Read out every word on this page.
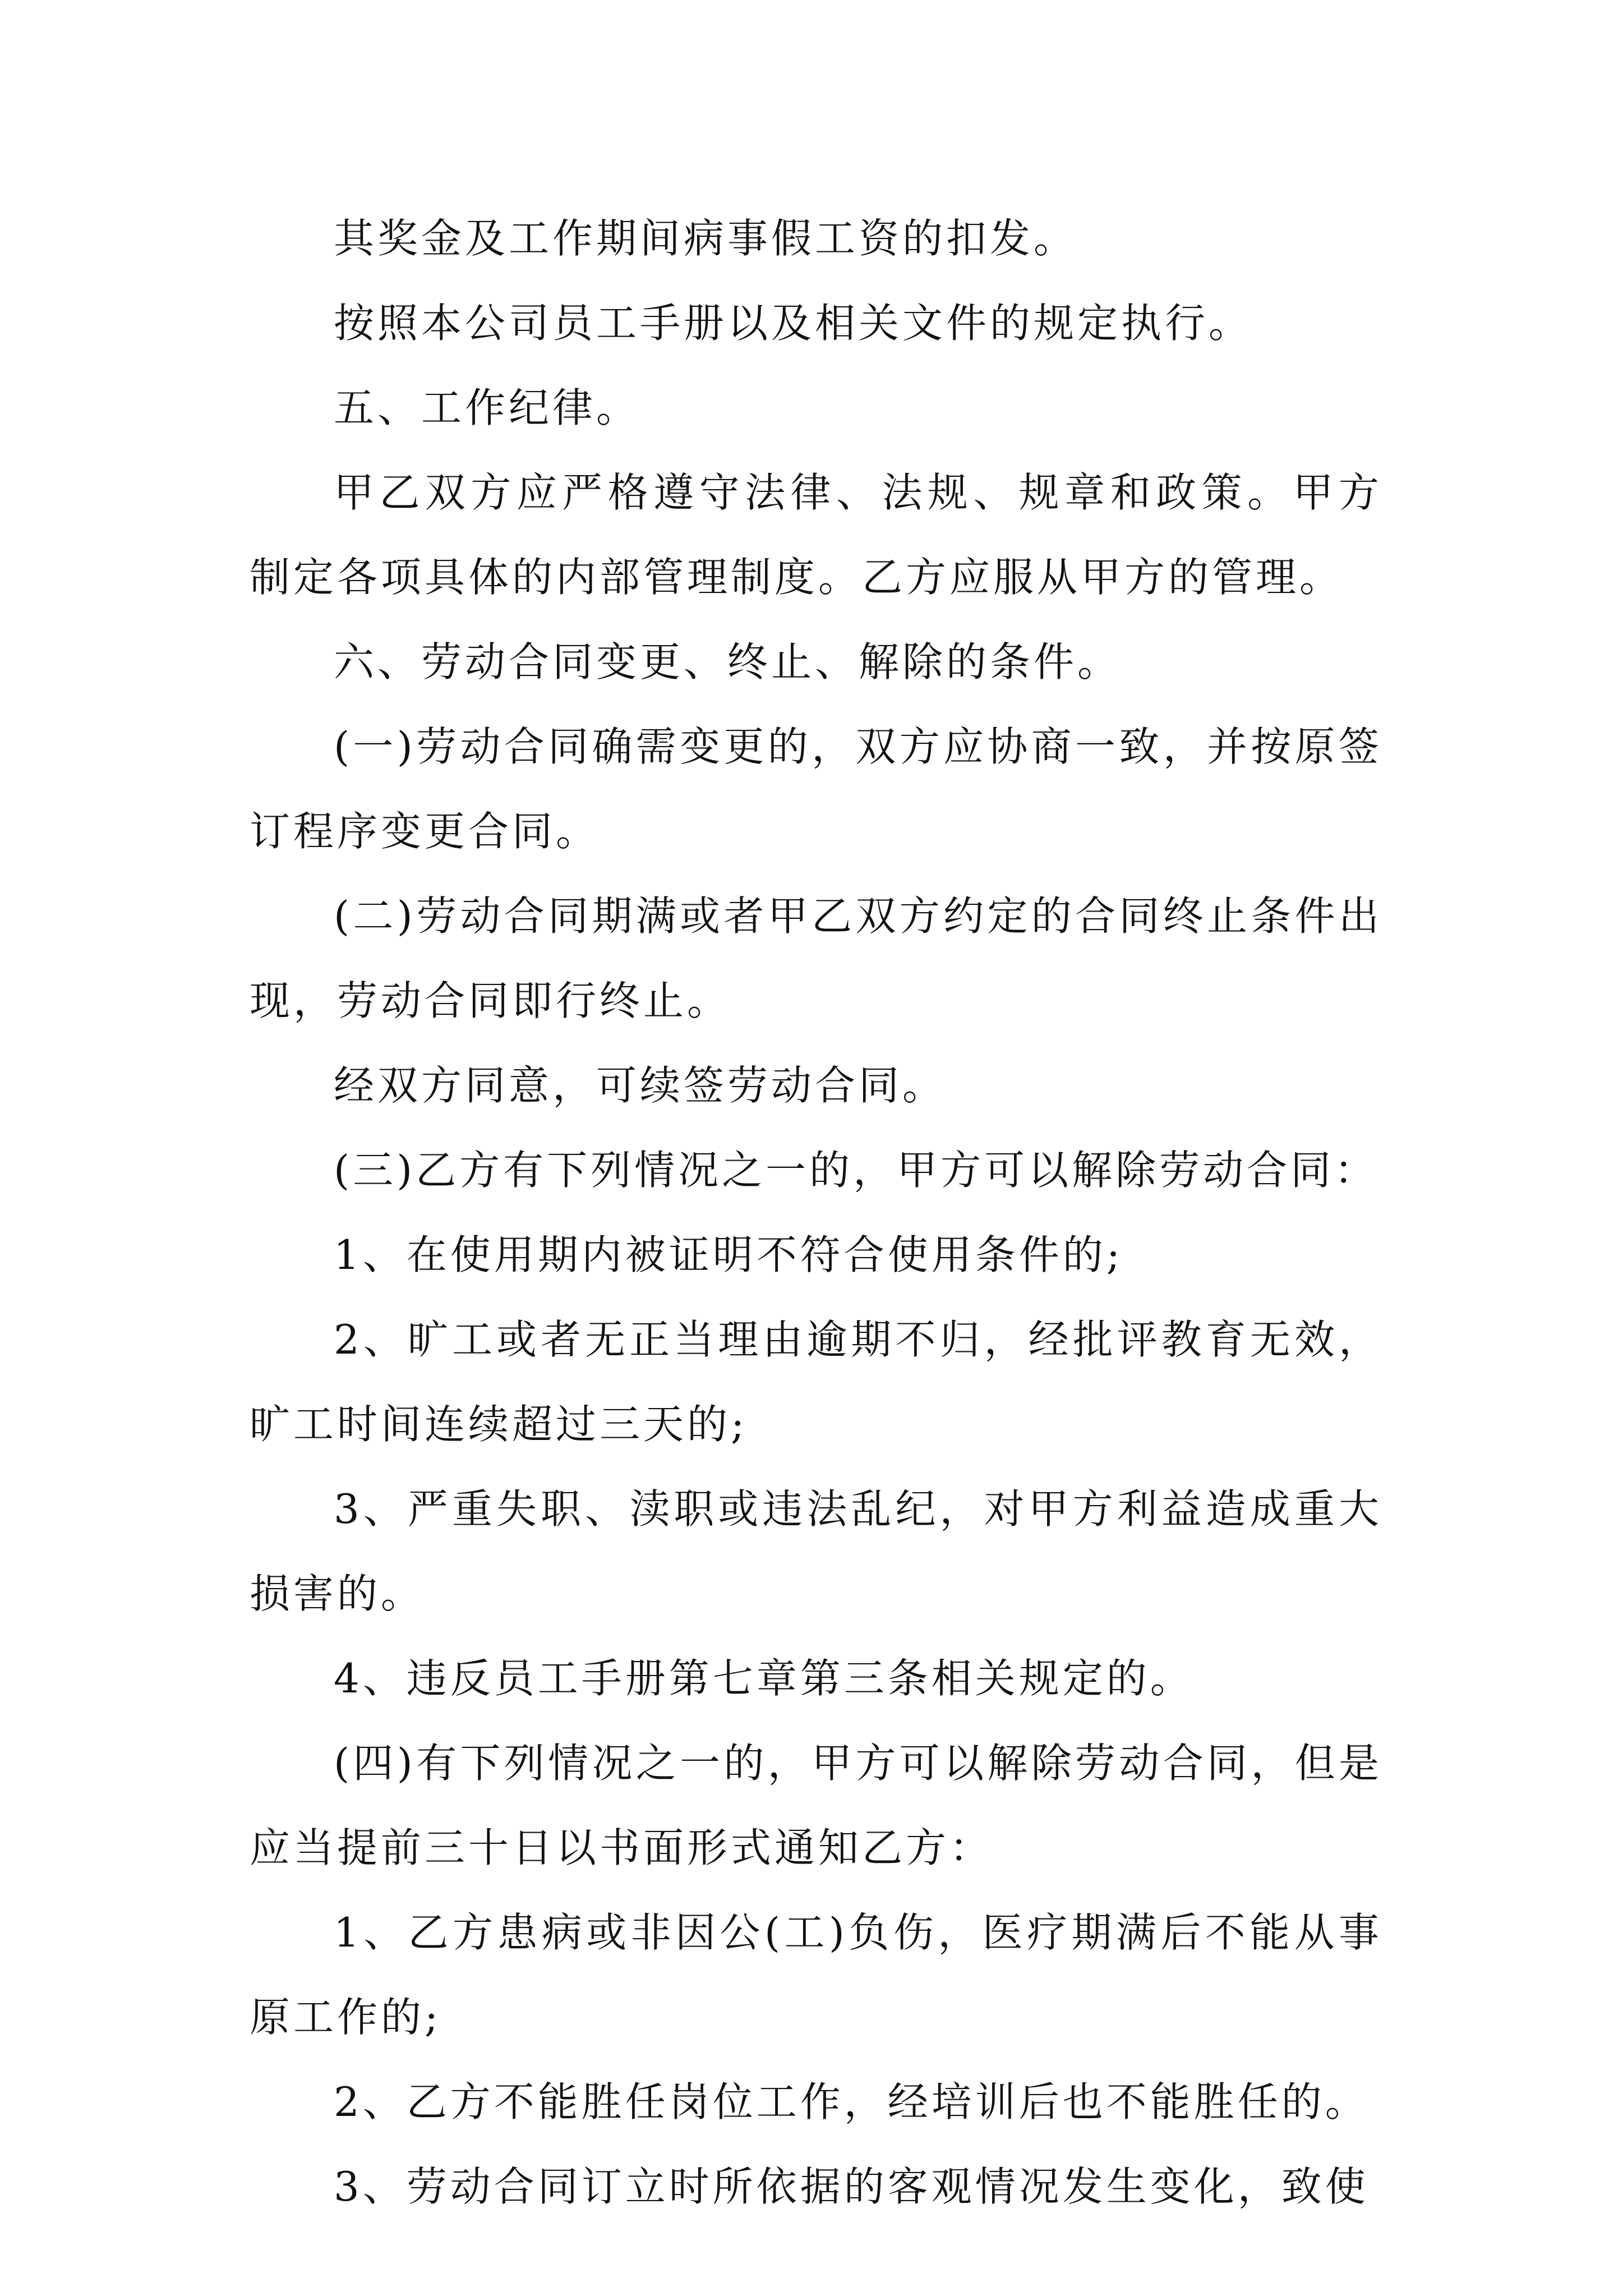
其奖金及工作期间病事假工资的扣发。

按照本公司员工手册以及相关文件的规定执行。

五、工作纪律。

甲乙双方应严格遵守法律、法规、规章和政策。甲方制定各项具体的内部管理制度。乙方应服从甲方的管理。

六、劳动合同变更、终止、解除的条件。

(一)劳动合同确需变更的，双方应协商一致，并按原签订程序变更合同。

(二)劳动合同期满或者甲乙双方约定的合同终止条件出现，劳动合同即行终止。

经双方同意，可续签劳动合同。

(三)乙方有下列情况之一的，甲方可以解除劳动合同：

1、在使用期内被证明不符合使用条件的;

2、旷工或者无正当理由逾期不归，经批评教育无效，旷工时间连续超过三天的;

3、严重失职、渎职或违法乱纪，对甲方利益造成重大损害的。

4、违反员工手册第七章第三条相关规定的。

(四)有下列情况之一的，甲方可以解除劳动合同，但是应当提前三十日以书面形式通知乙方：

1、乙方患病或非因公(工)负伤，医疗期满后不能从事原工作的;

2、乙方不能胜任岗位工作，经培训后也不能胜任的。

3、劳动合同订立时所依据的客观情况发生变化，致使
